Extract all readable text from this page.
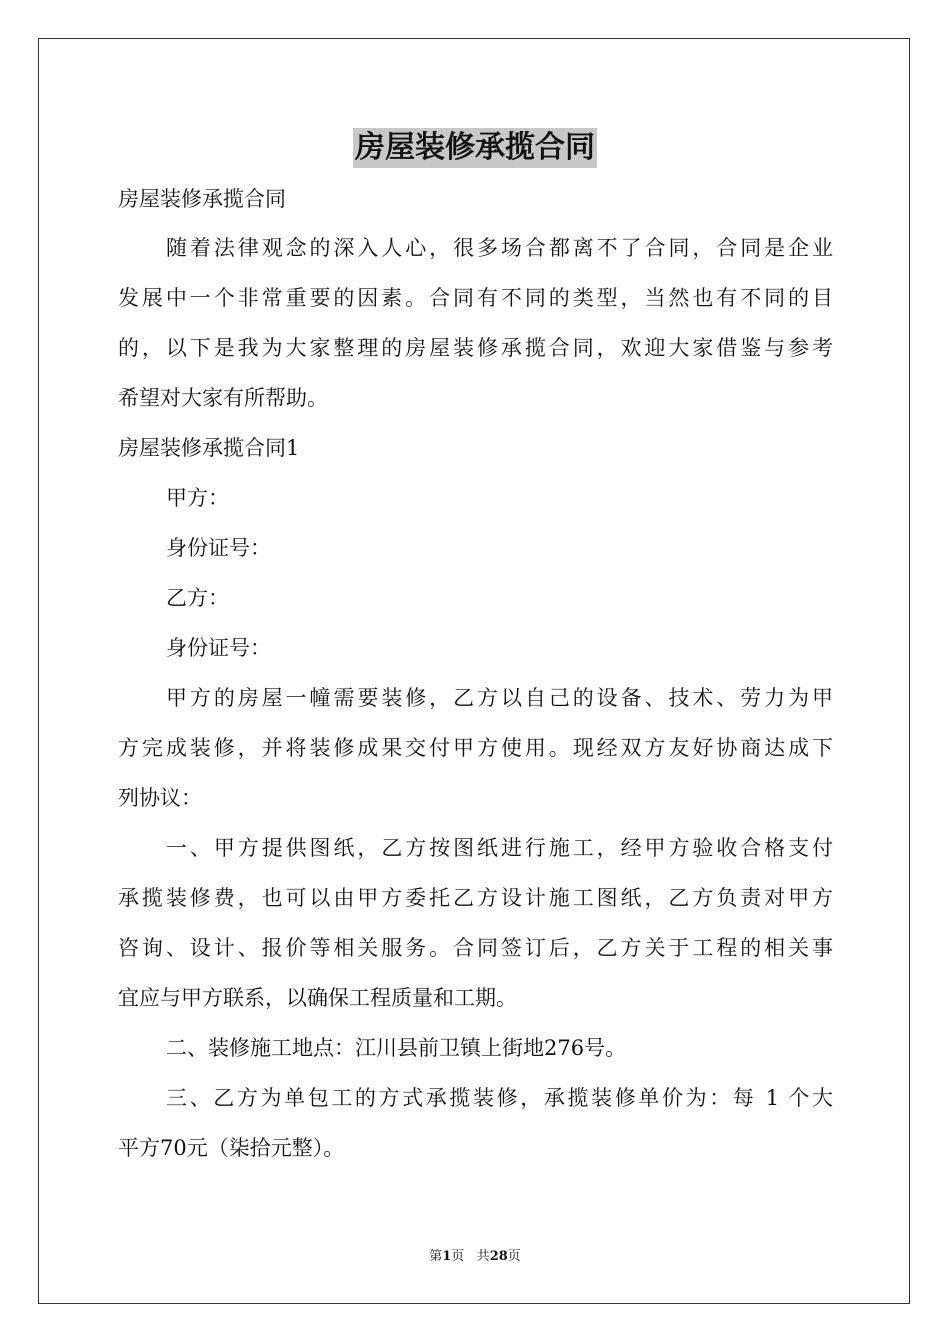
房屋装修承揽合同
房屋装修承揽合同
随着法律观念的深入人心，很多场合都离不了合同，合同是企业
发展中一个非常重要的因素。合同有不同的类型，当然也有不同的目
的，以下是我为大家整理的房屋装修承揽合同，欢迎大家借鉴与参考
希望对大家有所帮助。
房屋装修承揽合同1
甲方：
身份证号：
乙方：
身份证号：
甲方的房屋一幢需要装修，乙方以自己的设备、技术、劳力为甲
方完成装修，并将装修成果交付甲方使用。现经双方友好协商达成下
列协议：
一、甲方提供图纸，乙方按图纸进行施工，经甲方验收合格支付
承揽装修费，也可以由甲方委托乙方设计施工图纸，乙方负责对甲方
咨询、设计、报价等相关服务。合同签订后，乙方关于工程的相关事
宜应与甲方联系，以确保工程质量和工期。
二、装修施工地点：江川县前卫镇上街地276号。
三、乙方为单包工的方式承揽装修，承揽装修单价为：每 1 个大
平方70元（柒拾元整）。
第1页 共28页
